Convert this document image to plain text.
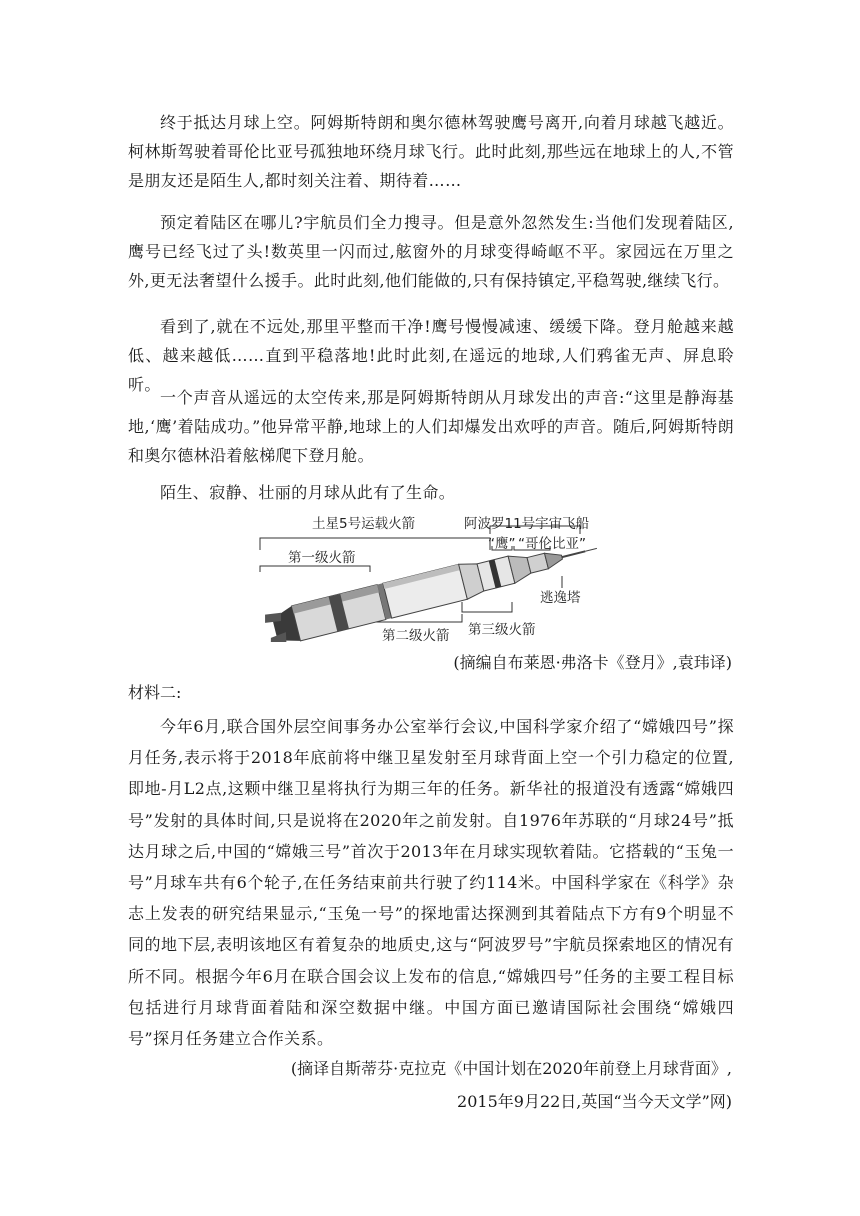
终于抵达月球上空。阿姆斯特朗和奥尔德林驾驶鹰号离开,向着月球越飞越近。柯林斯驾驶着哥伦比亚号孤独地环绕月球飞行。此时此刻,那些远在地球上的人,不管是朋友还是陌生人,都时刻关注着、期待着……

预定着陆区在哪儿?宇航员们全力搜寻。但是意外忽然发生:当他们发现着陆区,鹰号已经飞过了头!数英里一闪而过,舷窗外的月球变得崎岖不平。家园远在万里之外,更无法奢望什么援手。此时此刻,他们能做的,只有保持镇定,平稳驾驶,继续飞行。

看到了,就在不远处,那里平整而干净!鹰号慢慢减速、缓缓下降。登月舱越来越低、越来越低……直到平稳落地!此时此刻,在遥远的地球,人们鸦雀无声、屏息聆听。

一个声音从遥远的太空传来,那是阿姆斯特朗从月球发出的声音:“这里是静海基地,‘鹰’着陆成功。”他异常平静,地球上的人们却爆发出欢呼的声音。随后,阿姆斯特朗和奥尔德林沿着舷梯爬下登月舱。

陌生、寂静、壮丽的月球从此有了生命。

土星5号运载火箭	阿波罗11号宇宙飞船
第一级火箭
“鹰” “哥伦比亚”
逃逸塔
第二级火箭 第三级火箭

(摘编自布莱恩·弗洛卡《登月》,袁玮译)

材料二:

今年6月,联合国外层空间事务办公室举行会议,中国科学家介绍了“嫦娥四号”探月任务,表示将于2018年底前将中继卫星发射至月球背面上空一个引力稳定的位置,即地-月L2点,这颗中继卫星将执行为期三年的任务。新华社的报道没有透露“嫦娥四号”发射的具体时间,只是说将在2020年之前发射。自1976年苏联的“月球24号”抵达月球之后,中国的“嫦娥三号”首次于2013年在月球实现软着陆。它搭载的“玉兔一号”月球车共有6个轮子,在任务结束前共行驶了约114米。中国科学家在《科学》杂志上发表的研究结果显示,“玉兔一号”的探地雷达探测到其着陆点下方有9个明显不同的地下层,表明该地区有着复杂的地质史,这与“阿波罗号”宇航员探索地区的情况有所不同。根据今年6月在联合国会议上发布的信息,“嫦娥四号”任务的主要工程目标包括进行月球背面着陆和深空数据中继。中国方面已邀请国际社会围绕“嫦娥四号”探月任务建立合作关系。

(摘译自斯蒂芬·克拉克《中国计划在2020年前登上月球背面》,

2015年9月22日,英国“当今天文学”网)
